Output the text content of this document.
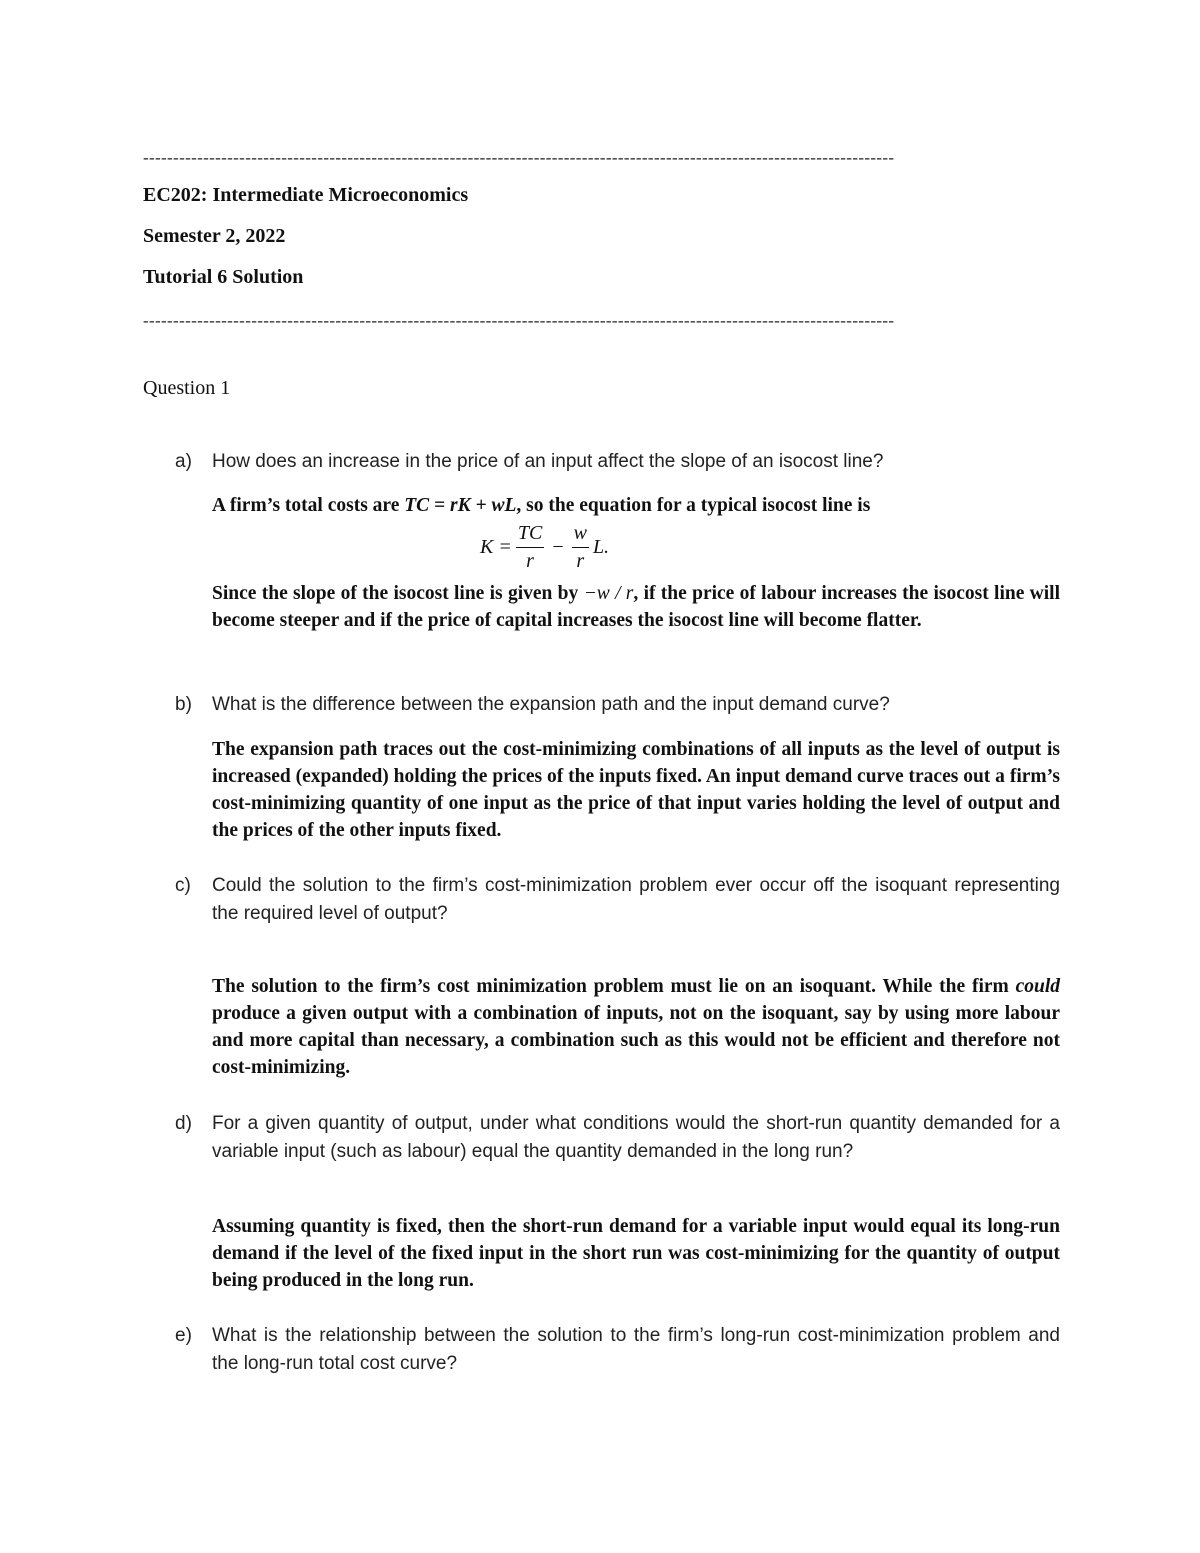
-----------------------------------------------------------------------------------------------------------------------------
EC202: Intermediate Microeconomics
Semester 2, 2022
Tutorial 6 Solution
-----------------------------------------------------------------------------------------------------------------------------
Question 1
a) How does an increase in the price of an input affect the slope of an isocost line?
A firm’s total costs are TC = rK + wL, so the equation for a typical isocost line is
$K = \frac{TC}{r} - \frac{w}{r} L$.
Since the slope of the isocost line is given by −w / r, if the price of labour increases the isocost line will become steeper and if the price of capital increases the isocost line will become flatter.
b) What is the difference between the expansion path and the input demand curve?
The expansion path traces out the cost-minimizing combinations of all inputs as the level of output is increased (expanded) holding the prices of the inputs fixed. An input demand curve traces out a firm’s cost-minimizing quantity of one input as the price of that input varies holding the level of output and the prices of the other inputs fixed.
c) Could the solution to the firm’s cost-minimization problem ever occur off the isoquant representing the required level of output?
The solution to the firm’s cost minimization problem must lie on an isoquant. While the firm could produce a given output with a combination of inputs, not on the isoquant, say by using more labour and more capital than necessary, a combination such as this would not be efficient and therefore not cost-minimizing.
d) For a given quantity of output, under what conditions would the short-run quantity demanded for a variable input (such as labour) equal the quantity demanded in the long run?
Assuming quantity is fixed, then the short-run demand for a variable input would equal its long-run demand if the level of the fixed input in the short run was cost-minimizing for the quantity of output being produced in the long run.
e) What is the relationship between the solution to the firm’s long-run cost-minimization problem and the long-run total cost curve?
